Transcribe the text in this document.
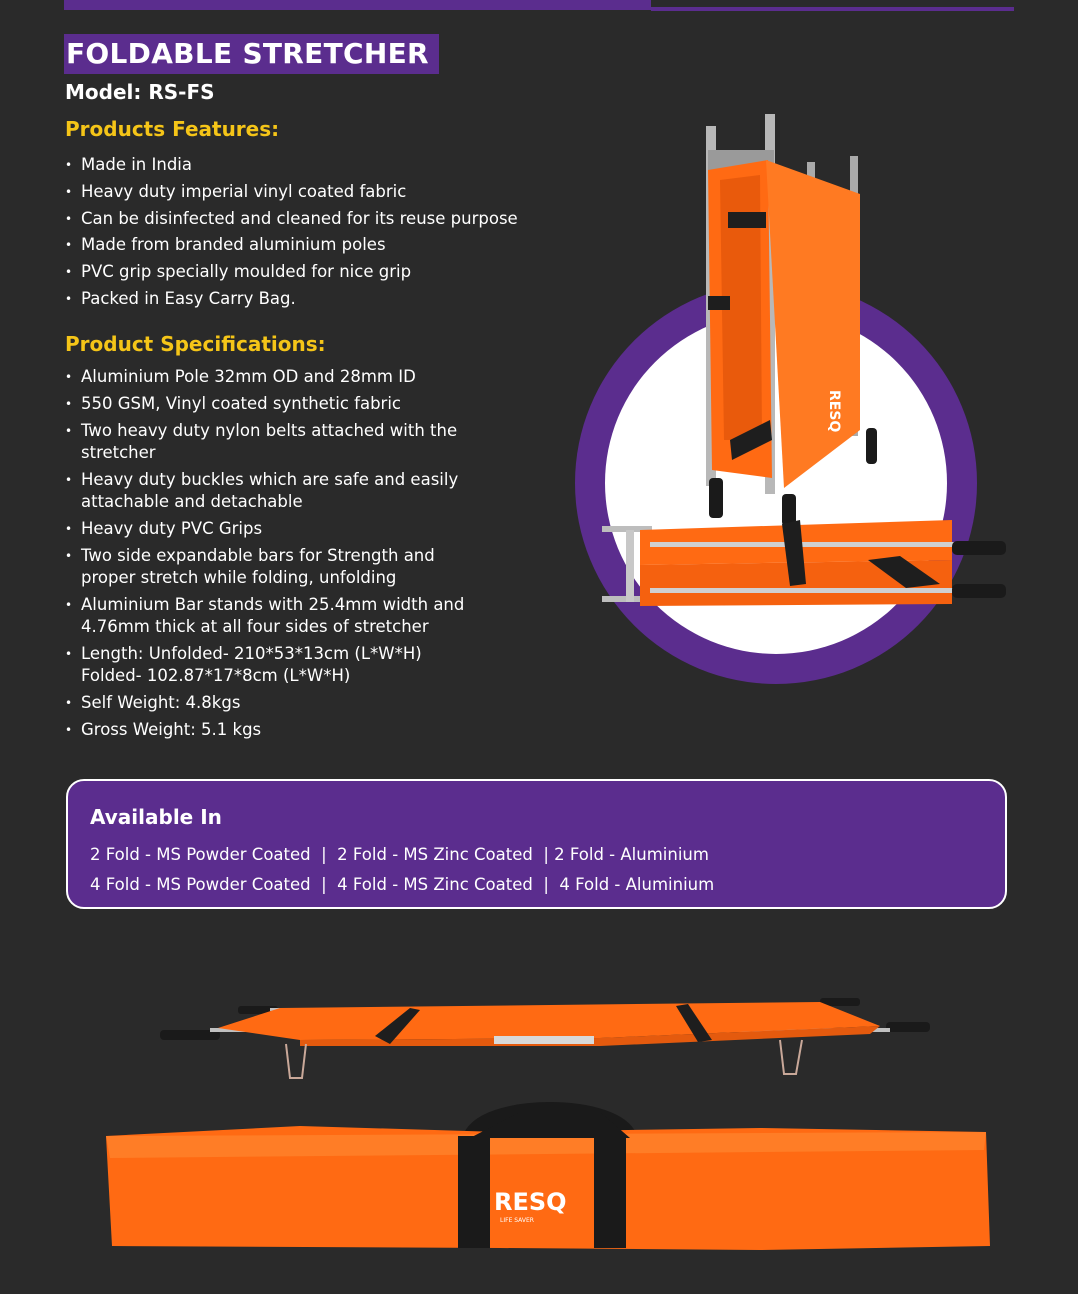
FOLDABLE STRETCHER
Model: RS-FS
Products Features:
• Made in India
• Heavy duty imperial vinyl coated fabric
• Can be disinfected and cleaned for its reuse purpose
• Made from branded aluminium poles
• PVC grip specially moulded for nice grip
• Packed in Easy Carry Bag.
Product Specifications:
• Aluminium Pole 32mm OD and 28mm ID
• 550 GSM, Vinyl coated synthetic fabric
• Two heavy duty nylon belts attached with the
stretcher
• Heavy duty buckles which are safe and easily
attachable and detachable
• Heavy duty PVC Grips
• Two side expandable bars for Strength and
proper stretch while folding, unfolding
• Aluminium Bar stands with 25.4mm width and
4.76mm thick at all four sides of stretcher
• Length: Unfolded- 210*53*13cm (L*W*H)
Folded- 102.87*17*8cm (L*W*H)
• Self Weight: 4.8kgs
• Gross Weight: 5.1 kgs
RESQ
RESQ
LIFE SAVER
Available In
2 Fold - MS Powder Coated  |  2 Fold - MS Zinc Coated  | 2 Fold - Aluminium
4 Fold - MS Powder Coated  |  4 Fold - MS Zinc Coated  |  4 Fold - Aluminium
